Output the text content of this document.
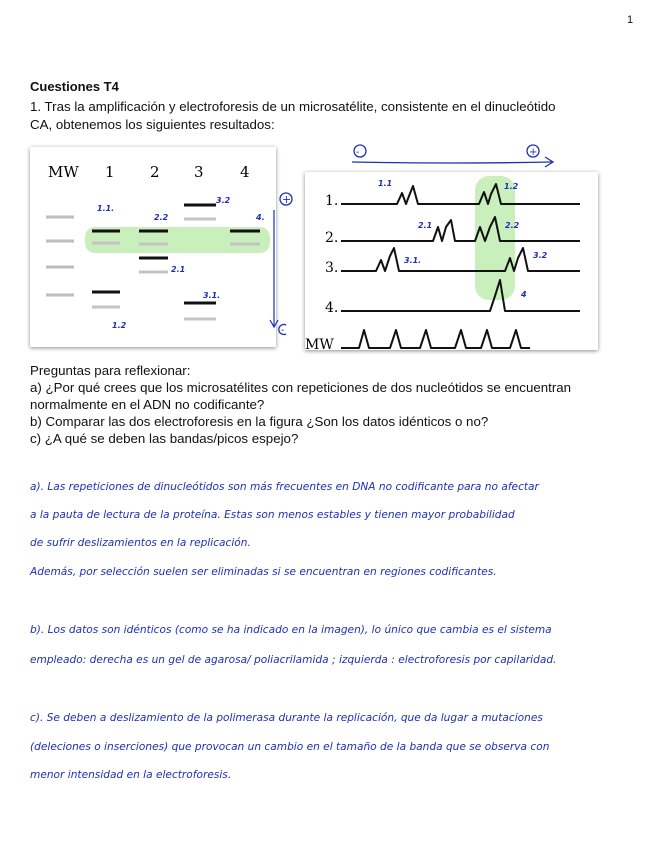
1
Cuestiones T4
1. Tras la amplificación y electroforesis de un microsatélite, consistente en el dinucleótido
CA, obtenemos los siguientes resultados:
MW 1 2 3 4
1.1.
2.2
3.2
4.
2.1
3.1.
1.2
+
-
-	+
1.
2.
3.
4.
MW
1.1	1.2
2.1	2.2
3.1.
3.2
4
Preguntas para reflexionar:
a) ¿Por qué crees que los microsatélites con repeticiones de dos nucleótidos se encuentran
normalmente en el ADN no codificante?
b) Comparar las dos electroforesis en la figura ¿Son los datos idénticos o no?
c) ¿A qué se deben las bandas/picos espejo?
a). Las repeticiones de dinucleótidos son más frecuentes en DNA no codificante para no afectar
a la pauta de lectura de la proteína. Estas son menos estables y tienen mayor probabilidad
de sufrir deslizamientos en la replicación.
Además, por selección suelen ser eliminadas si se encuentran en regiones codificantes.
b). Los datos son idénticos (como se ha indicado en la imagen), lo único que cambia es el sistema
empleado: derecha es un gel de agarosa/ poliacrilamida ; izquierda : electroforesis por capilaridad.
c). Se deben a deslizamiento de la polimerasa durante la replicación, que da lugar a mutaciones
(deleciones o inserciones) que provocan un cambio en el tamaño de la banda que se observa con
menor intensidad en la electroforesis.
